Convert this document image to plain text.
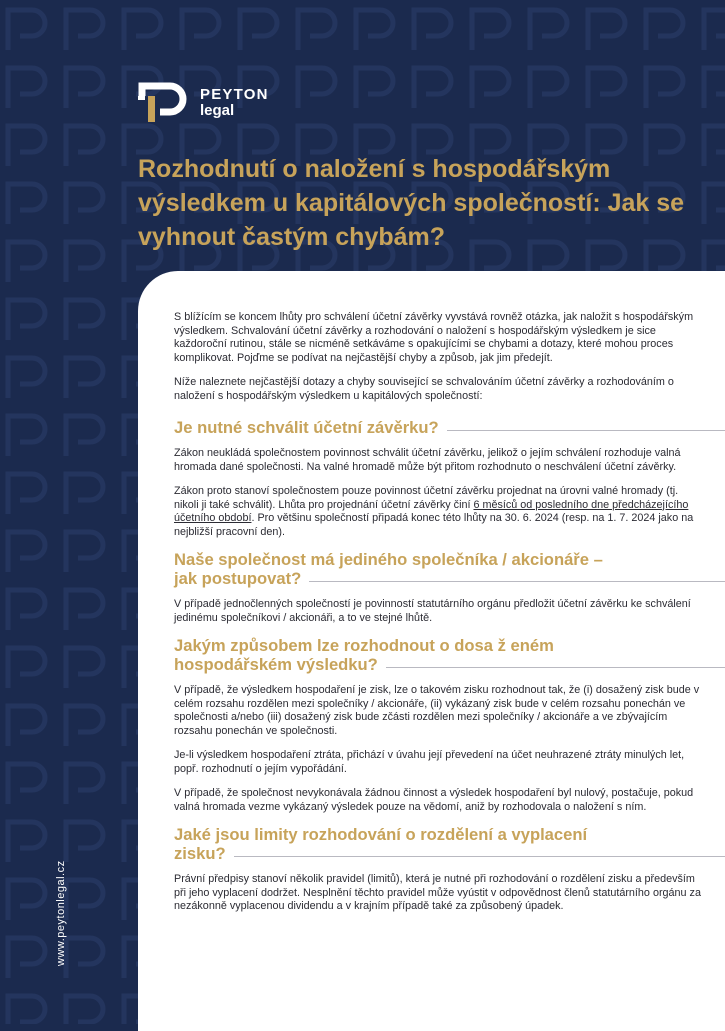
PEYTON
legal
Rozhodnutí o naložení s hospodářským výsledkem u kapitálových společností: Jak se vyhnout častým chybám?
www.peytonlegal.cz

S blížícím se koncem lhůty pro schválení účetní závěrky vyvstává rovněž otázka, jak naložit s hospodářským výsledkem. Schvalování účetní závěrky a rozhodování o naložení s hospodářským výsledkem je sice každoroční rutinou, stále se nicméně setkáváme s opakujícími se chybami a dotazy, které mohou proces komplikovat. Pojďme se podívat na nejčastější chyby a způsob, jak jim předejít.

Níže naleznete nejčastější dotazy a chyby související se schvalováním účetní závěrky a rozhodováním o naložení s hospodářským výsledkem u kapitálových společností:

Je nutné schválit účetní závěrku?

Zákon neukládá společnostem povinnost schválit účetní závěrku, jelikož o jejím schválení rozhoduje valná hromada dané společnosti. Na valné hromadě může být přitom rozhodnuto o neschválení účetní závěrky.

Zákon proto stanoví společnostem pouze povinnost účetní závěrku projednat na úrovni valné hromady (tj. nikoli ji také schválit). Lhůta pro projednání účetní závěrky činí 6 měsíců od posledního dne předcházejícího účetního období. Pro většinu společností připadá konec této lhůty na 30. 6. 2024 (resp. na 1. 7. 2024 jako na nejbližší pracovní den).

Naše společnost má jediného společníka / akcionáře –
jak postupovat?

V případě jednočlenných společností je povinností statutárního orgánu předložit účetní závěrku ke schválení jedinému společníkovi / akcionáři, a to ve stejné lhůtě.

Jakým způsobem lze rozhodnout o dosa ž eném
hospodářském výsledku?

V případě, že výsledkem hospodaření je zisk, lze o takovém zisku rozhodnout tak, že (i) dosažený zisk bude v celém rozsahu rozdělen mezi společníky / akcionáře, (ii) vykázaný zisk bude v celém rozsahu ponechán ve společnosti a/nebo (iii) dosažený zisk bude zčásti rozdělen mezi společníky / akcionáře a ve zbývajícím rozsahu ponechán ve společnosti.

Je-li výsledkem hospodaření ztráta, přichází v úvahu její převedení na účet neuhrazené ztráty minulých let, popř. rozhodnutí o jejím vypořádání.

V případě, že společnost nevykonávala žádnou činnost a výsledek hospodaření byl nulový, postačuje, pokud valná hromada vezme vykázaný výsledek pouze na vědomí, aniž by rozhodovala o naložení s ním.

Jaké jsou limity rozhodování o rozdělení a vyplacení
zisku?

Právní předpisy stanoví několik pravidel (limitů), která je nutné při rozhodování o rozdělení zisku a především při jeho vyplacení dodržet. Nesplnění těchto pravidel může vyústit v odpovědnost členů statutárního orgánu za nezákonně vyplacenou dividendu a v krajním případě také za způsobený úpadek.
